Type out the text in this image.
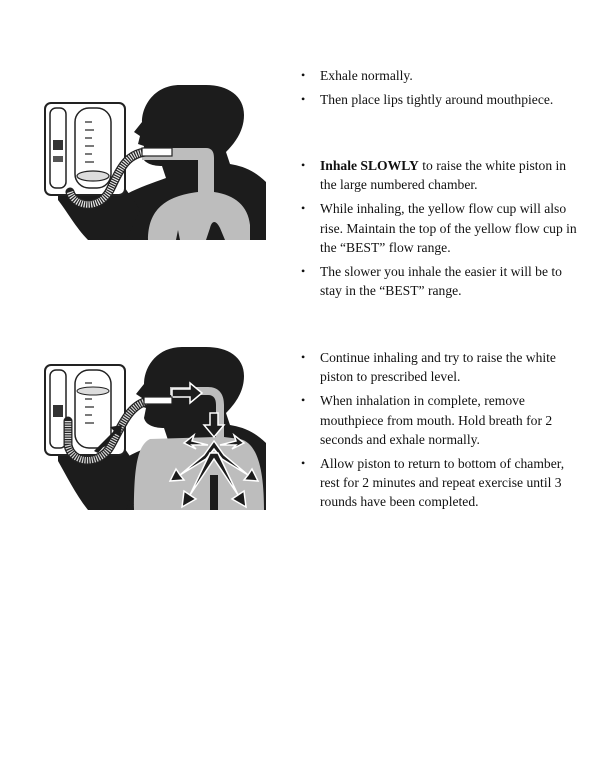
• Exhale normally.
• Then place lips tightly around mouthpiece.
• Inhale SLOWLY to raise the white piston in the large numbered chamber.
• While inhaling, the yellow flow cup will also rise. Maintain the top of the yellow flow cup in the “BEST” flow range.
• The slower you inhale the easier it will be to stay in the “BEST” range.
• Continue inhaling and try to raise the white piston to prescribed level.
• When inhalation in complete, remove mouthpiece from mouth. Hold breath for 2 seconds and exhale normally.
• Allow piston to return to bottom of chamber, rest for 2 minutes and repeat exercise until 3 rounds have been completed.
